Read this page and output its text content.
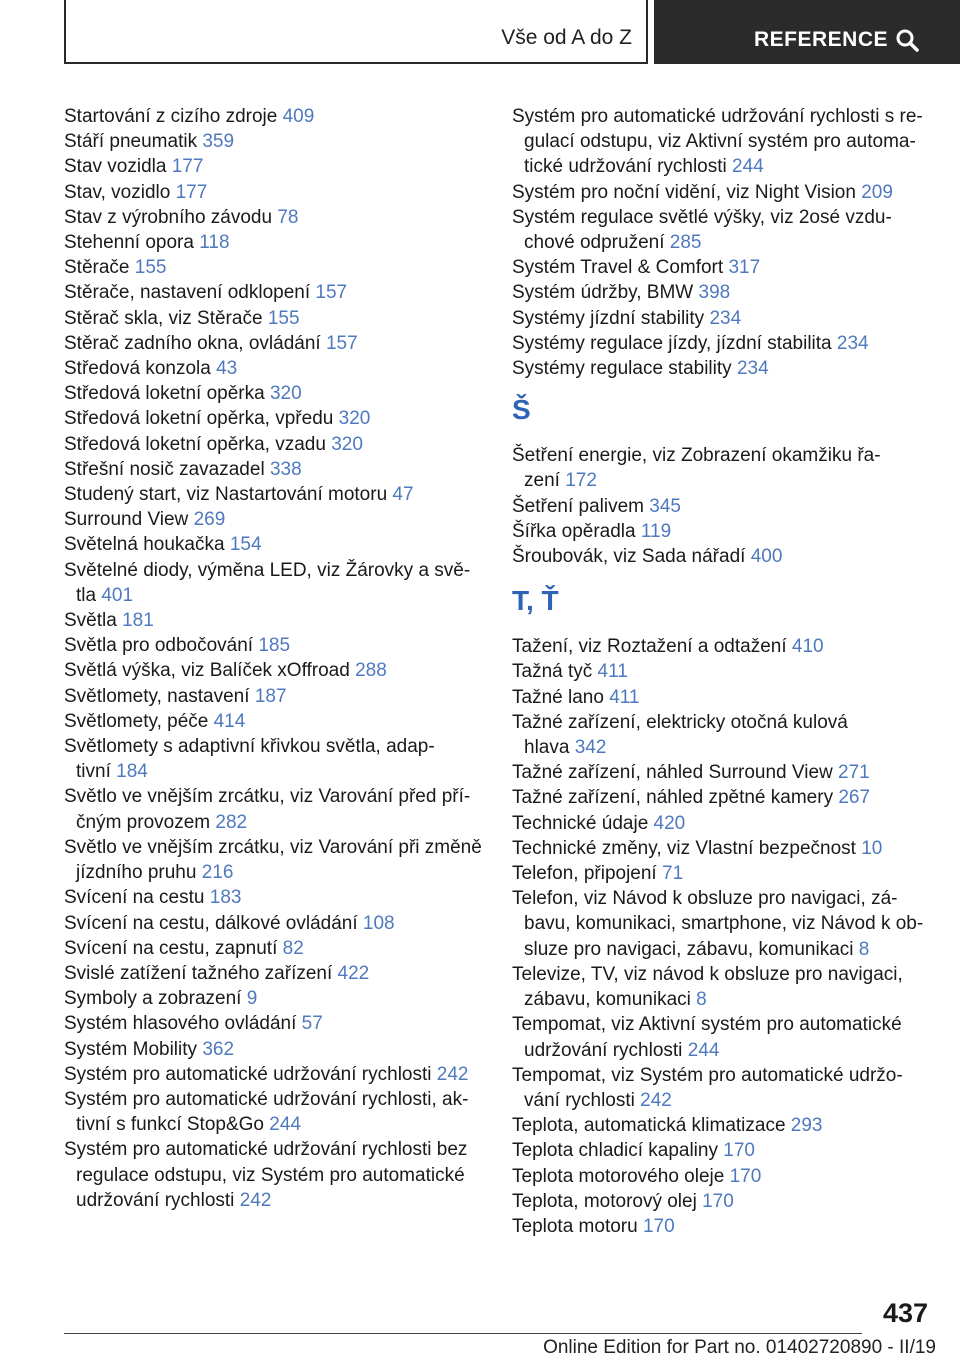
Vše od A do Z	REFERENCE

Startování z cizího zdroje 409

Stáří pneumatik 359

Stav vozidla 177

Stav, vozidlo 177

Stav z výrobního závodu 78

Stehenní opora 118

Stěrače 155

Stěrače, nastavení odklopení 157

Stěrač skla, viz Stěrače 155

Stěrač zadního okna, ovládání 157

Středová konzola 43

Středová loketní opěrka 320

Středová loketní opěrka, vpředu 320

Středová loketní opěrka, vzadu 320

Střešní nosič zavazadel 338

Studený start, viz Nastartování motoru 47

Surround View 269

Světelná houkačka 154

Světelné diody, výměna LED, viz Žárovky a svě‐
tla 401

Světla 181

Světla pro odbočování 185

Světlá výška, viz Balíček xOffroad 288

Světlomety, nastavení 187

Světlomety, péče 414

Světlomety s adaptivní křivkou světla, adap‐
tivní 184

Světlo ve vnějším zrcátku, viz Varování před pří‐
čným provozem 282

Světlo ve vnějším zrcátku, viz Varování při změně
jízdního pruhu 216

Svícení na cestu 183

Svícení na cestu, dálkové ovládání 108

Svícení na cestu, zapnutí 82

Svislé zatížení tažného zařízení 422

Symboly a zobrazení 9

Systém hlasového ovládání 57

Systém Mobility 362

Systém pro automatické udržování rychlosti 242

Systém pro automatické udržování rychlosti, ak‐
tivní s funkcí Stop&Go 244

Systém pro automatické udržování rychlosti bez
regulace odstupu, viz Systém pro automatické
udržování rychlosti 242

Systém pro automatické udržování rychlosti s re‐
gulací odstupu, viz Aktivní systém pro automa‐
tické udržování rychlosti 244

Systém pro noční vidění, viz Night Vision 209

Systém regulace světlé výšky, viz 2osé vzdu‐
chové odpružení 285

Systém Travel & Comfort 317

Systém údržby, BMW 398

Systémy jízdní stability 234

Systémy regulace jízdy, jízdní stabilita 234

Systémy regulace stability 234

Š

Šetření energie, viz Zobrazení okamžiku řa‐
zení 172

Šetření palivem 345

Šířka opěradla 119

Šroubovák, viz Sada nářadí 400

T, Ť

Tažení, viz Roztažení a odtažení 410

Tažná tyč 411

Tažné lano 411

Tažné zařízení, elektricky otočná kulová
hlava 342

Tažné zařízení, náhled Surround View 271

Tažné zařízení, náhled zpětné kamery 267

Technické údaje 420

Technické změny, viz Vlastní bezpečnost 10

Telefon, připojení 71

Telefon, viz Návod k obsluze pro navigaci, zá‐
bavu, komunikaci, smartphone, viz Návod k ob‐
sluze pro navigaci, zábavu, komunikaci 8

Televize, TV, viz návod k obsluze pro navigaci,
zábavu, komunikaci 8

Tempomat, viz Aktivní systém pro automatické
udržování rychlosti 244

Tempomat, viz Systém pro automatické udržo‐
vání rychlosti 242

Teplota, automatická klimatizace 293

Teplota chladicí kapaliny 170

Teplota motorového oleje 170

Teplota, motorový olej 170

Teplota motoru 170

437
Online Edition for Part no. 01402720890 - II/19
